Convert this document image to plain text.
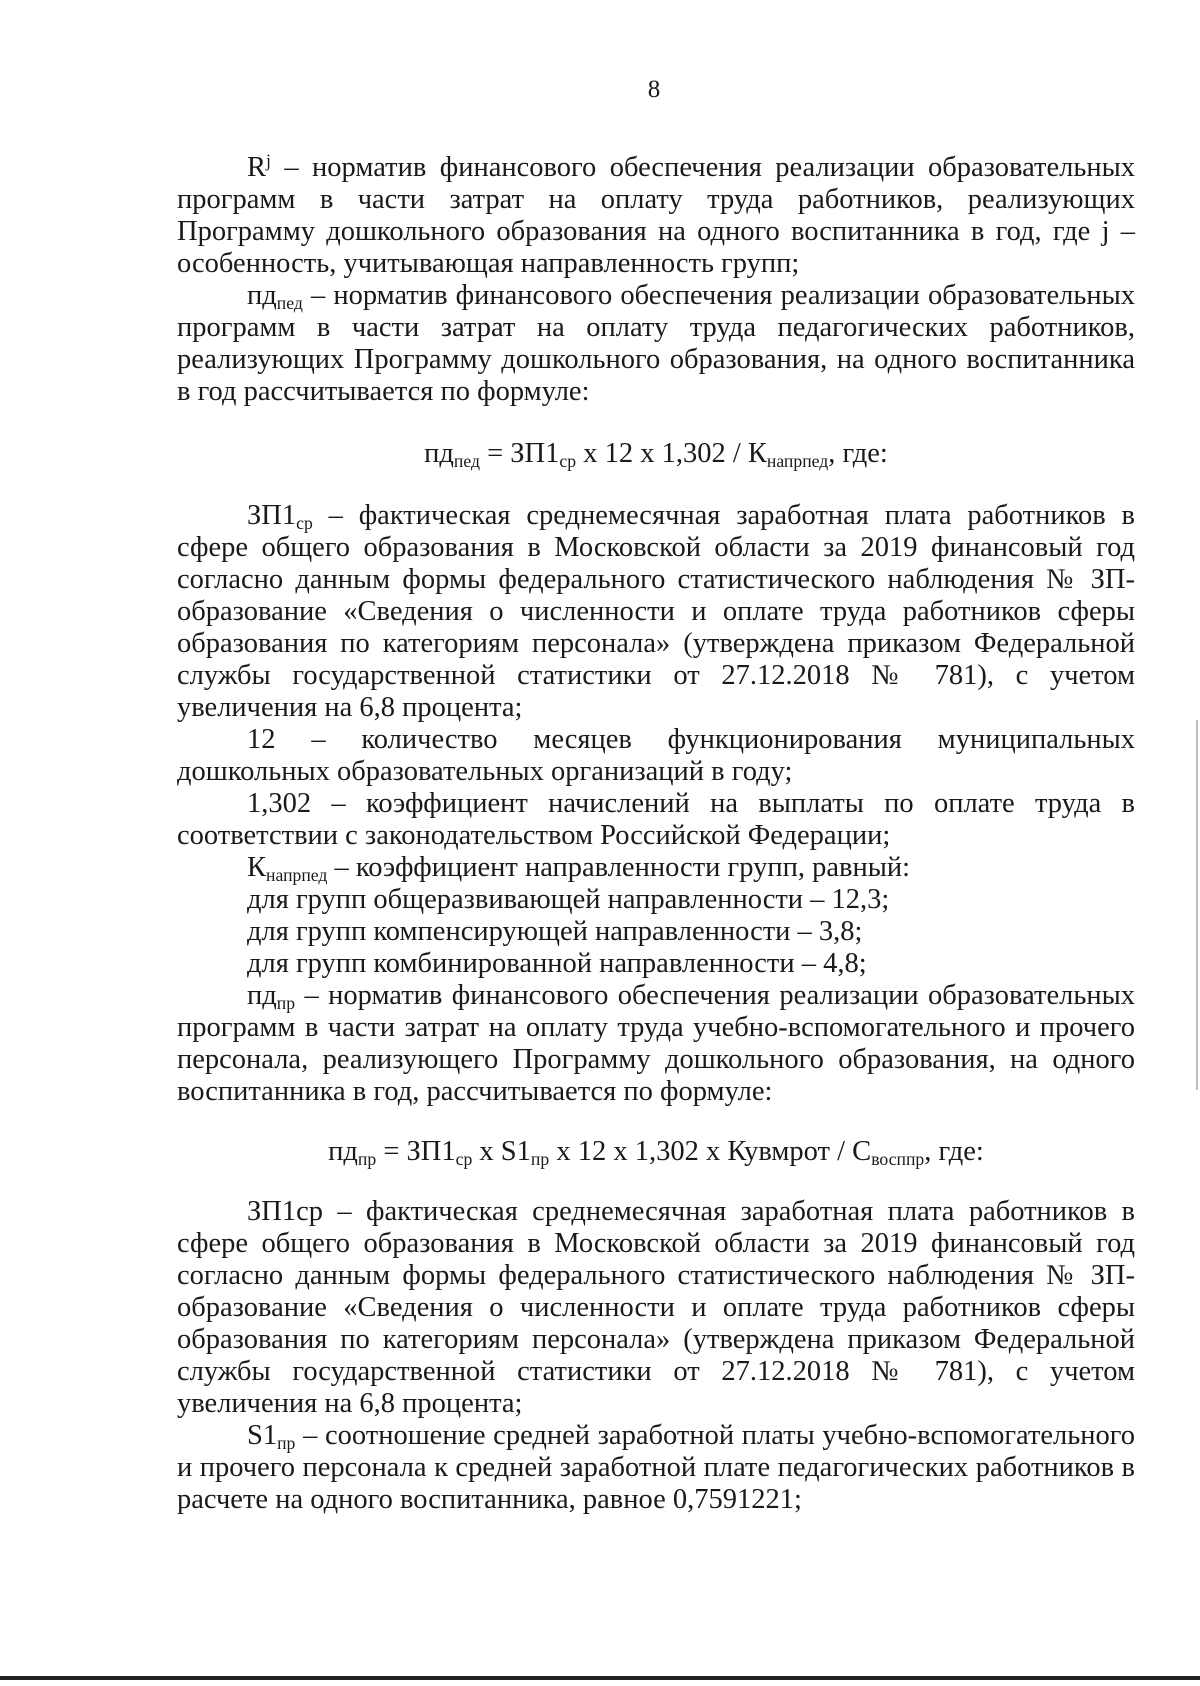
8

$R^j$ – норматив финансового обеспечения реализации образовательных программ в части затрат на оплату труда работников, реализующих Программу дошкольного образования на одного воспитанника в год, где j – особенность, учитывающая направленность групп;

$пд_{пед}$ – норматив финансового обеспечения реализации образовательных программ в части затрат на оплату труда педагогических работников, реализующих Программу дошкольного образования, на одного воспитанника в год рассчитывается по формуле:

$пд_{пед} = ЗП1_{ср}$ х 12 х $1,302 / К_{напрпед}$, где:

$ЗП1_{ср}$ – фактическая среднемесячная заработная плата работников в сфере общего образования в Московской области за 2019 финансовый год согласно данным формы федерального статистического наблюдения № ЗП-образование «Сведения о численности и оплате труда работников сферы образования по категориям персонала» (утверждена приказом Федеральной службы государственной статистики от 27.12.2018 № 781), с учетом увеличения на 6,8 процента;

12 – количество месяцев функционирования муниципальных дошкольных образовательных организаций в году;

1,302 – коэффициент начислений на выплаты по оплате труда в соответствии с законодательством Российской Федерации;

$К_{напрпед}$ – коэффициент направленности групп, равный:

для групп общеразвивающей направленности – 12,3;

для групп компенсирующей направленности – 3,8;

для групп комбинированной направленности – 4,8;

$пд_{пр}$ – норматив финансового обеспечения реализации образовательных программ в части затрат на оплату труда учебно-вспомогательного и прочего персонала, реализующего Программу дошкольного образования, на одного воспитанника в год, рассчитывается по формуле:

$пд_{пр} = ЗП1_{ср}$ х $S1_{пр}$ х 12 х 1,302 х Кувмрот / $С_{восппр}$, где:

ЗП1ср – фактическая среднемесячная заработная плата работников в сфере общего образования в Московской области за 2019 финансовый год согласно данным формы федерального статистического наблюдения № ЗП-образование «Сведения о численности и оплате труда работников сферы образования по категориям персонала» (утверждена приказом Федеральной службы государственной статистики от 27.12.2018 № 781), с учетом увеличения на 6,8 процента;

$S1_{пр}$ – соотношение средней заработной платы учебно-вспомогательного и прочего персонала к средней заработной плате педагогических работников в расчете на одного воспитанника, равное 0,7591221;
